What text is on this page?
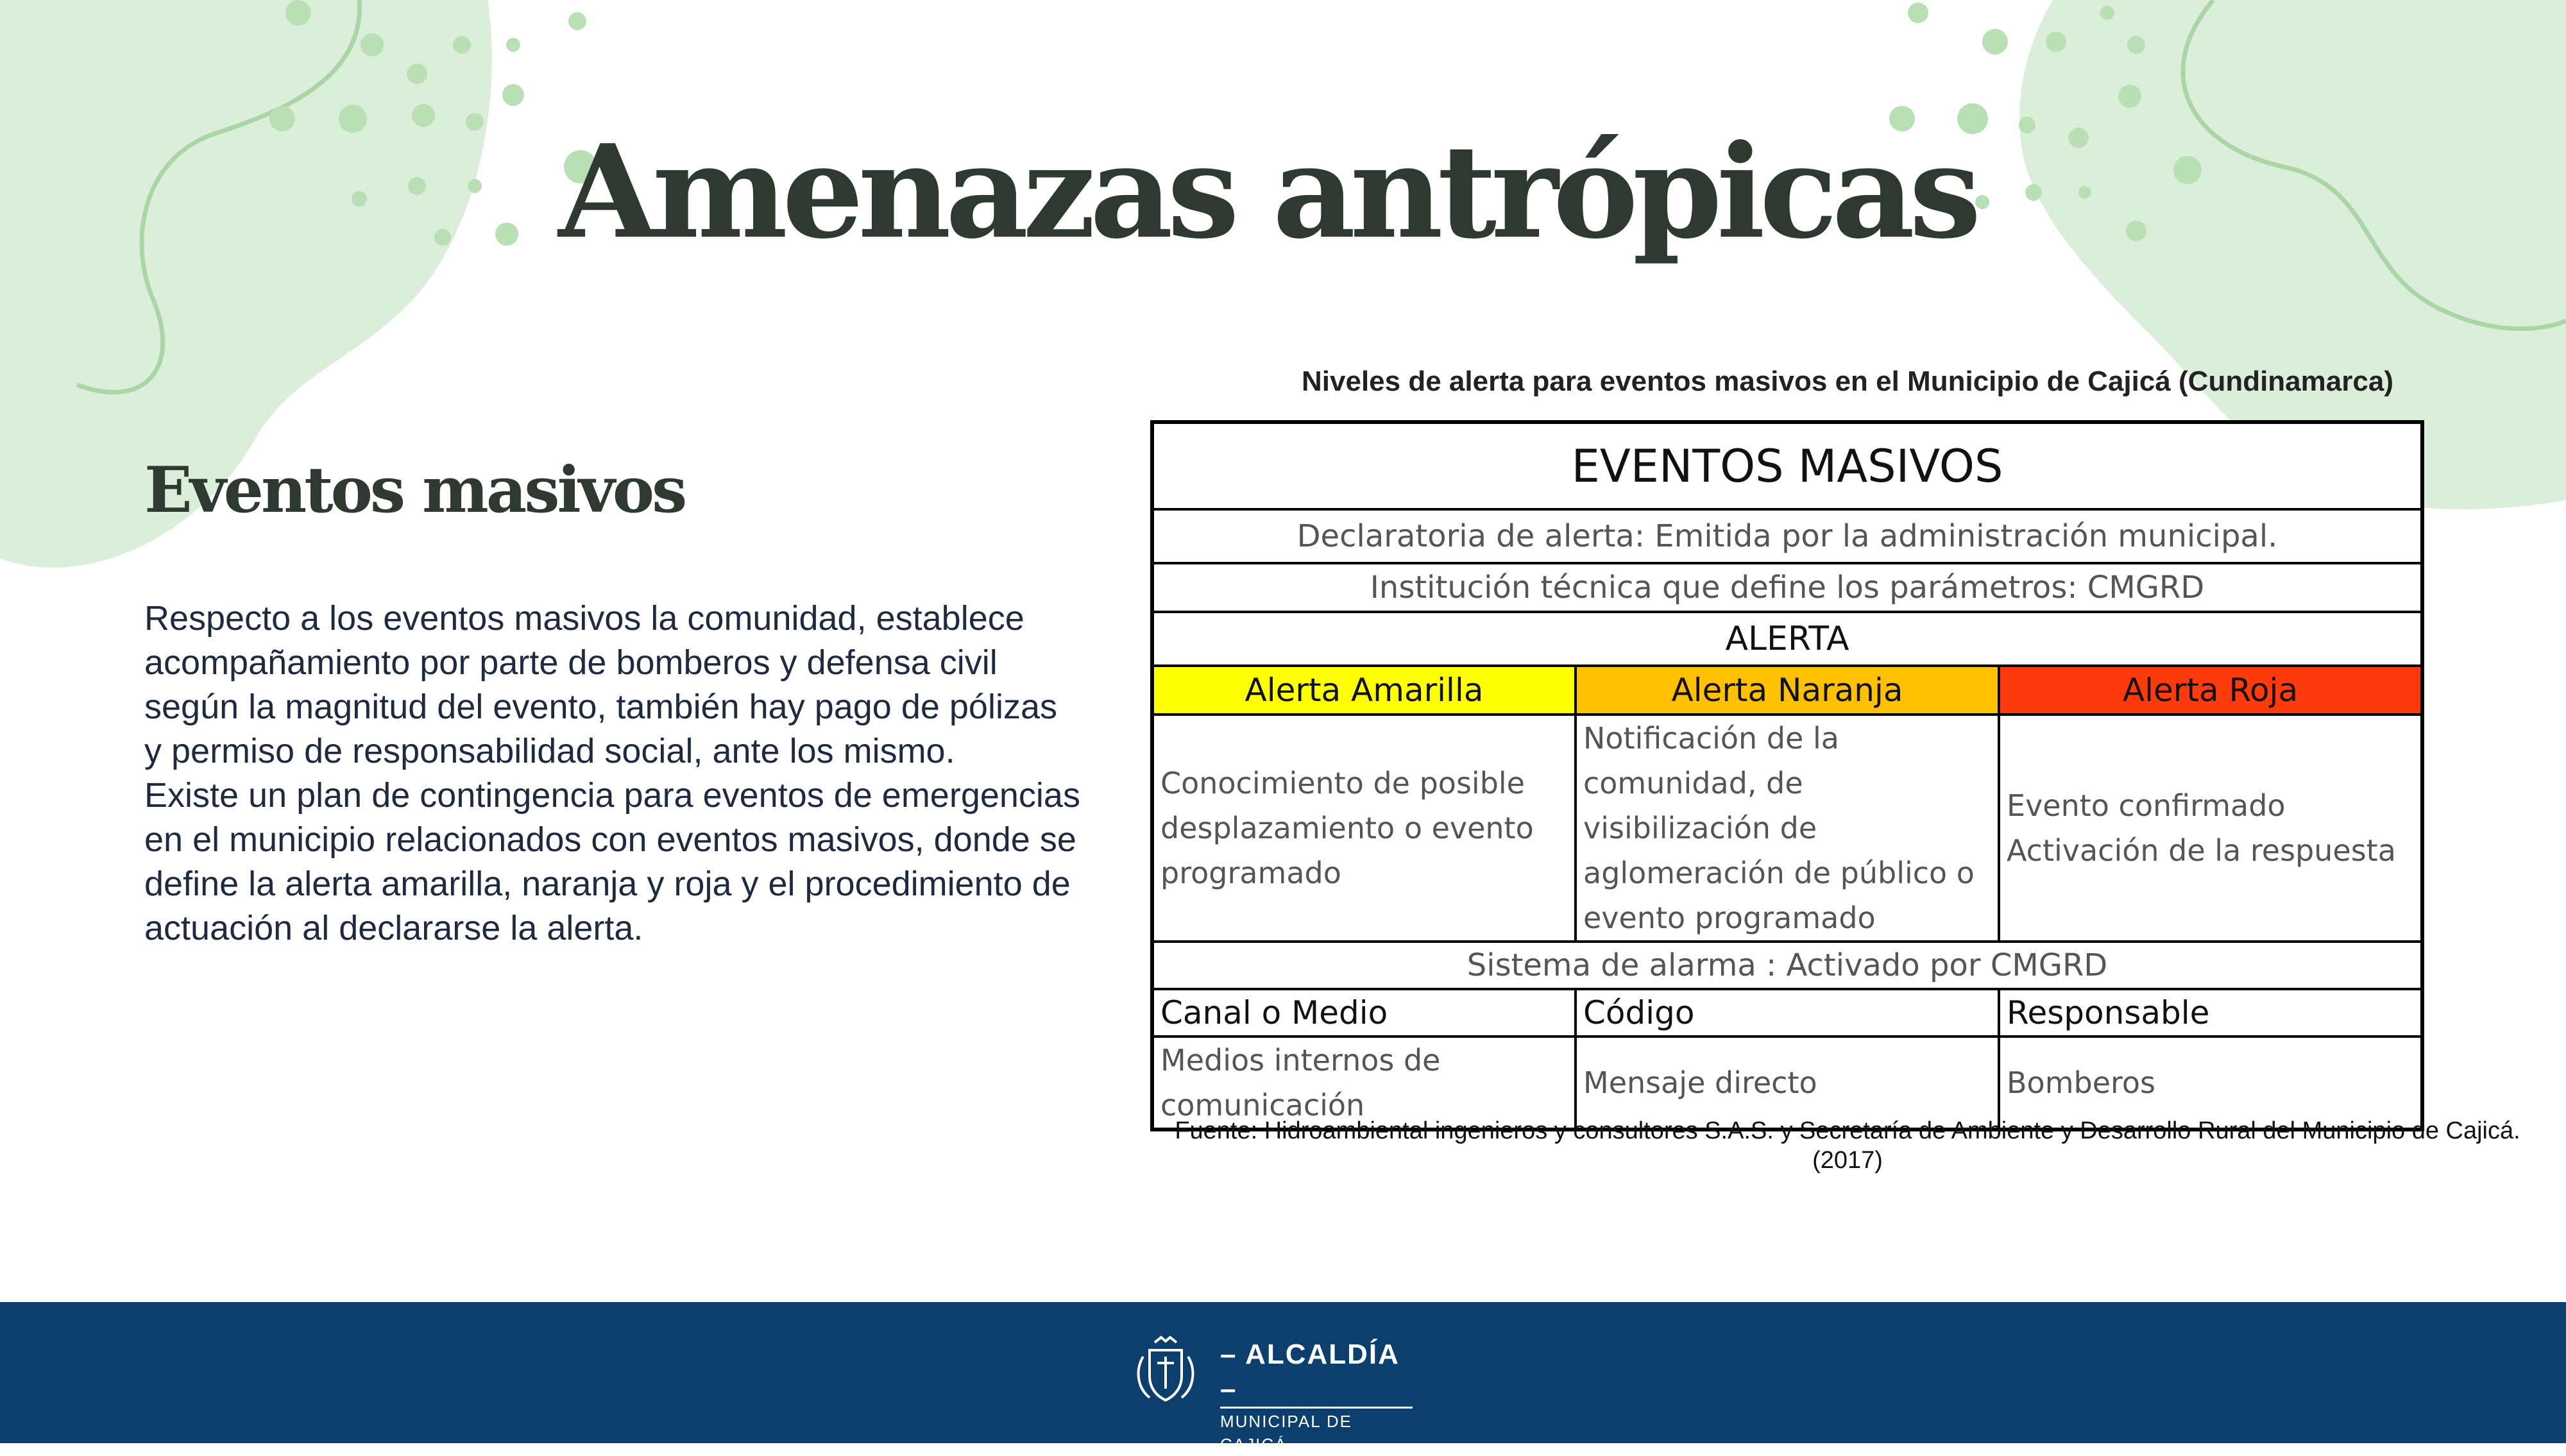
Amenazas antrópicas
Eventos masivos

Respecto a los eventos masivos la comunidad, establece

acompañamiento por parte de bomberos y defensa civil

según la magnitud del evento, también hay pago de pólizas

y permiso de responsabilidad social, ante los mismo.

Existe un plan de contingencia para eventos de emergencias

en el municipio relacionados con eventos masivos, donde se

define la alerta amarilla, naranja y roja y el procedimiento de

actuación al declararse la alerta.

Niveles de alerta para eventos masivos en el Municipio de Cajicá (Cundinamarca)

EVENTOS MASIVOS		
Declaratoria de alerta: Emitida por la administración municipal.		
Institución técnica que define los parámetros: CMGRD		
ALERTA		
Alerta Amarilla	Alerta Naranja	Alerta Roja
Conocimiento de posible desplazamiento o evento programado	Notificación de la comunidad, de visibilización de aglomeración de público o evento programado	Evento confirmado Activación de la respuesta
Sistema de alarma : Activado por CMGRD		
Canal o Medio	Código	Responsable
Medios internos de comunicación	Mensaje directo	Bomberos

Fuente: Hidroambiental ingenieros y consultores S.A.S. y Secretaría de Ambiente y Desarrollo Rural del Municipio de Cajicá. (2017)

– ALCALDÍA –
MUNICIPAL DE CAJICÁ
